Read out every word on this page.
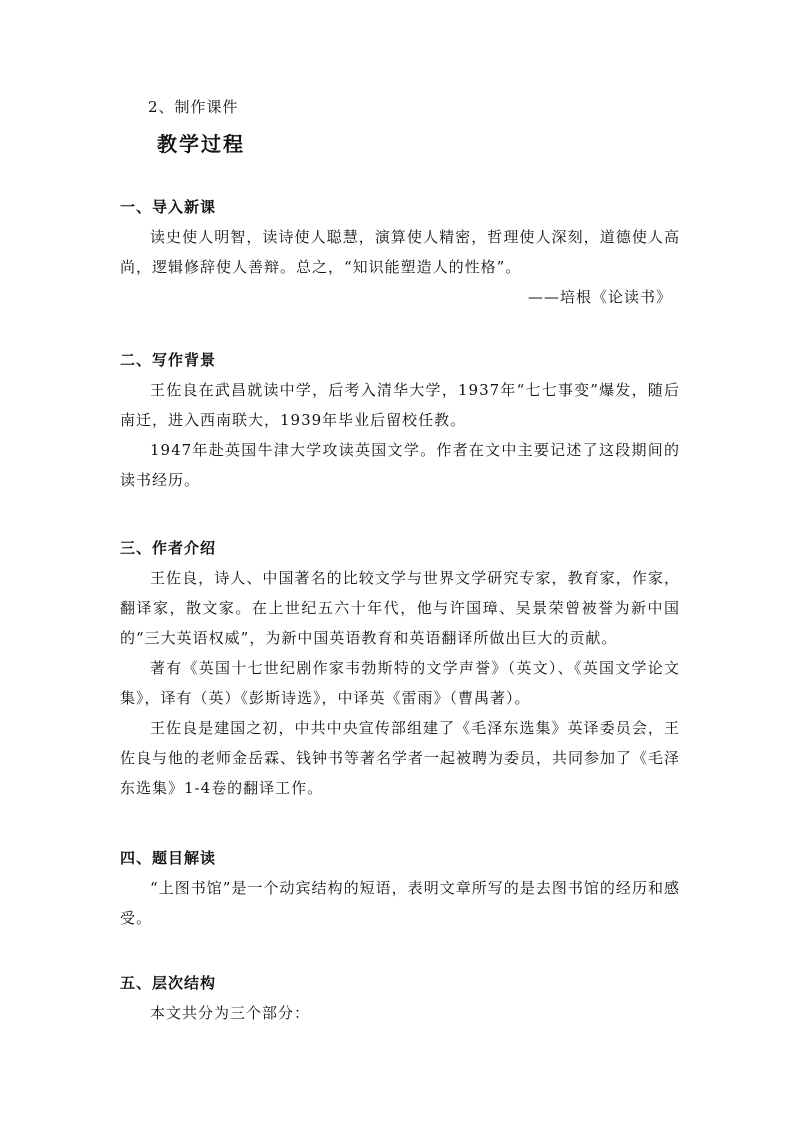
2、制作课件
教学过程
一、导入新课

读史使人明智，读诗使人聪慧，演算使人精密，哲理使人深刻，道德使人高尚，逻辑修辞使人善辩。总之，“知识能塑造人的性格”。

——培根《论读书》
二、写作背景

王佐良在武昌就读中学，后考入清华大学，1937年“七七事变”爆发，随后南迁，进入西南联大，1939年毕业后留校任教。

1947年赴英国牛津大学攻读英国文学。作者在文中主要记述了这段期间的读书经历。

三、作者介绍

王佐良，诗人、中国著名的比较文学与世界文学研究专家，教育家，作家，翻译家，散文家。在上世纪五六十年代，他与许国璋、吴景荣曾被誉为新中国的“三大英语权威”，为新中国英语教育和英语翻译所做出巨大的贡献。

著有《英国十七世纪剧作家韦勃斯特的文学声誉》（英文）、《英国文学论文集》，译有（英）《彭斯诗选》，中译英《雷雨》（曹禺著）。

王佐良是建国之初，中共中央宣传部组建了《毛泽东选集》英译委员会，王佐良与他的老师金岳霖、钱钟书等著名学者一起被聘为委员，共同参加了《毛泽东选集》1-4卷的翻译工作。

四、题目解读

“上图书馆”是一个动宾结构的短语，表明文章所写的是去图书馆的经历和感受。

五、层次结构

本文共分为三个部分：
